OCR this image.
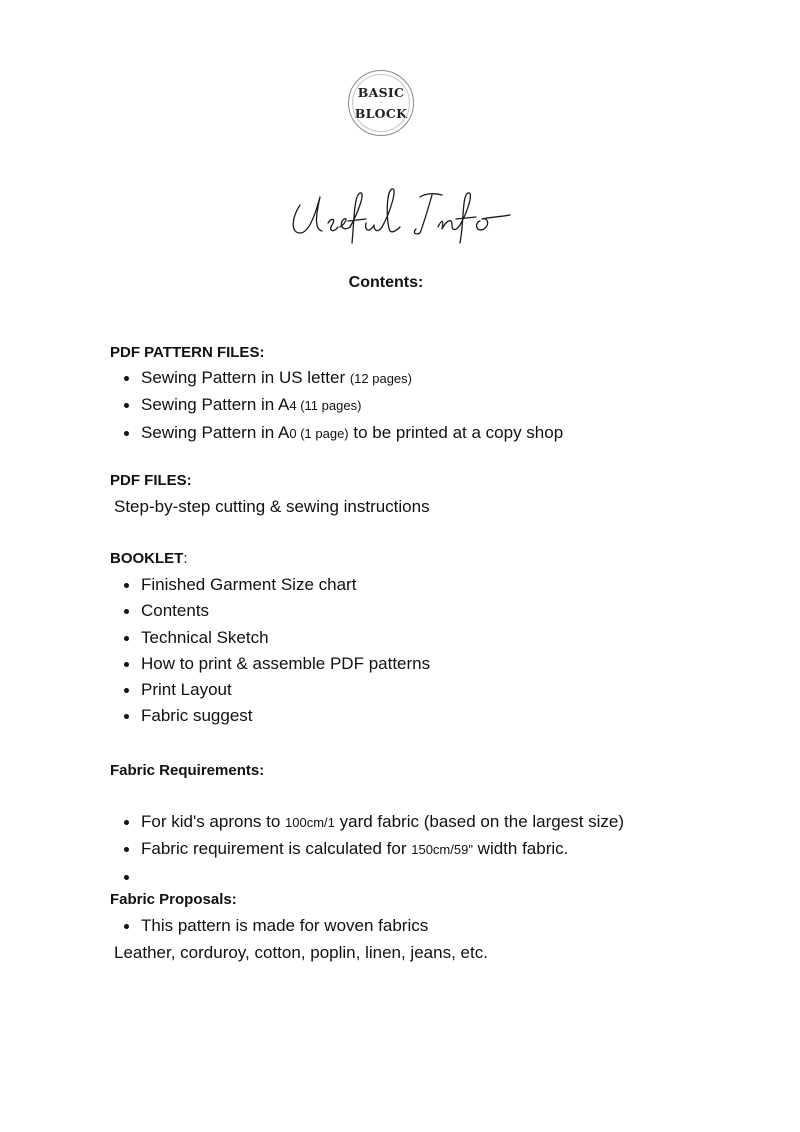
BASIC
~
BLOCK
Contents:
PDF PATTERN FILES:
Sewing Pattern in US letter (12 pages)
Sewing Pattern in A4 (11 pages)
Sewing Pattern in A0 (1 page) to be printed at a copy shop
PDF FILES:
Step-by-step cutting & sewing instructions
BOOKLET:
Finished Garment Size chart
Contents
Technical Sketch
How to print & assemble PDF patterns
Print Layout
Fabric suggest
Fabric Requirements:
For kid's aprons to 100cm/1 yard fabric (based on the largest size)
Fabric requirement is calculated for 150cm/59" width fabric.
Fabric Proposals:
This pattern is made for woven fabrics
Leather, corduroy, cotton, poplin, linen, jeans, etc.
